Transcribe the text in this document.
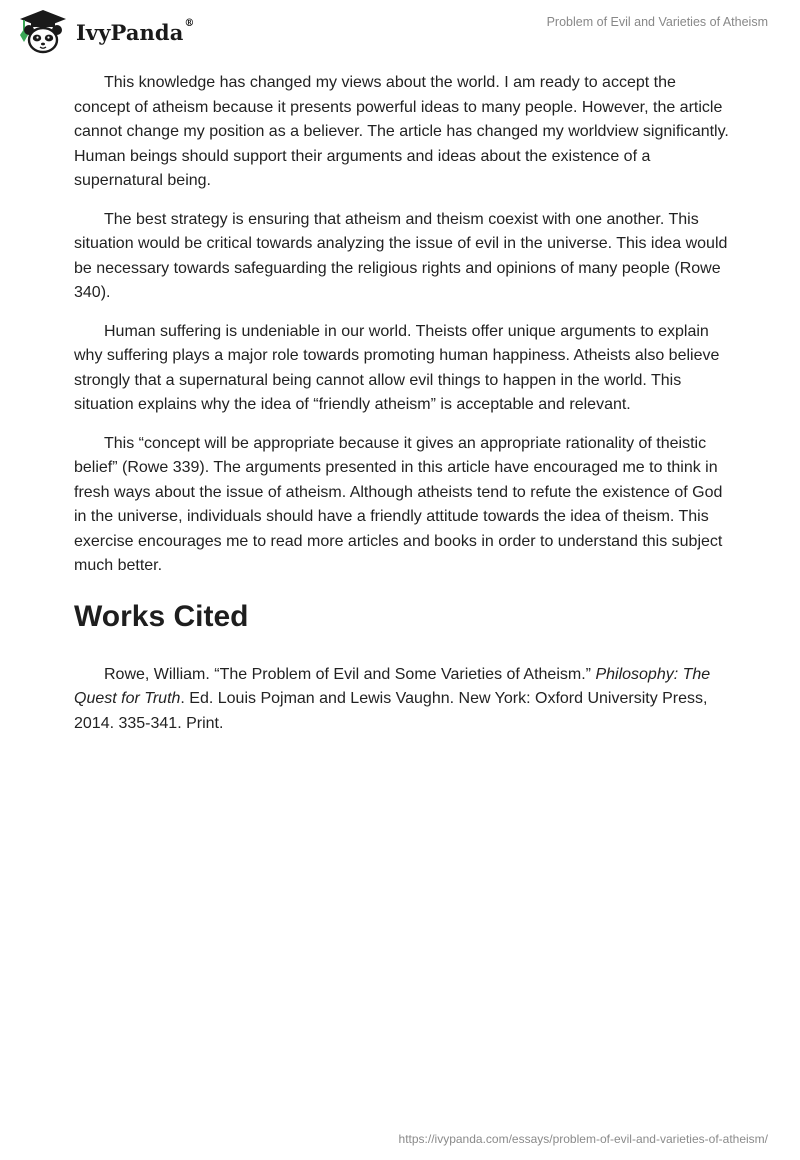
IvyPanda®	Problem of Evil and Varieties of Atheism

This knowledge has changed my views about the world. I am ready to accept the concept of atheism because it presents powerful ideas to many people. However, the article cannot change my position as a believer. The article has changed my worldview significantly. Human beings should support their arguments and ideas about the existence of a supernatural being.

The best strategy is ensuring that atheism and theism coexist with one another. This situation would be critical towards analyzing the issue of evil in the universe. This idea would be necessary towards safeguarding the religious rights and opinions of many people (Rowe 340).

Human suffering is undeniable in our world. Theists offer unique arguments to explain why suffering plays a major role towards promoting human happiness. Atheists also believe strongly that a supernatural being cannot allow evil things to happen in the world. This situation explains why the idea of “friendly atheism” is acceptable and relevant.

This “concept will be appropriate because it gives an appropriate rationality of theistic belief” (Rowe 339). The arguments presented in this article have encouraged me to think in fresh ways about the issue of atheism. Although atheists tend to refute the existence of God in the universe, individuals should have a friendly attitude towards the idea of theism. This exercise encourages me to read more articles and books in order to understand this subject much better.

Works Cited

Rowe, William. “The Problem of Evil and Some Varieties of Atheism.” Philosophy: The Quest for Truth. Ed. Louis Pojman and Lewis Vaughn. New York: Oxford University Press, 2014. 335-341. Print.

https://ivypanda.com/essays/problem-of-evil-and-varieties-of-atheism/
